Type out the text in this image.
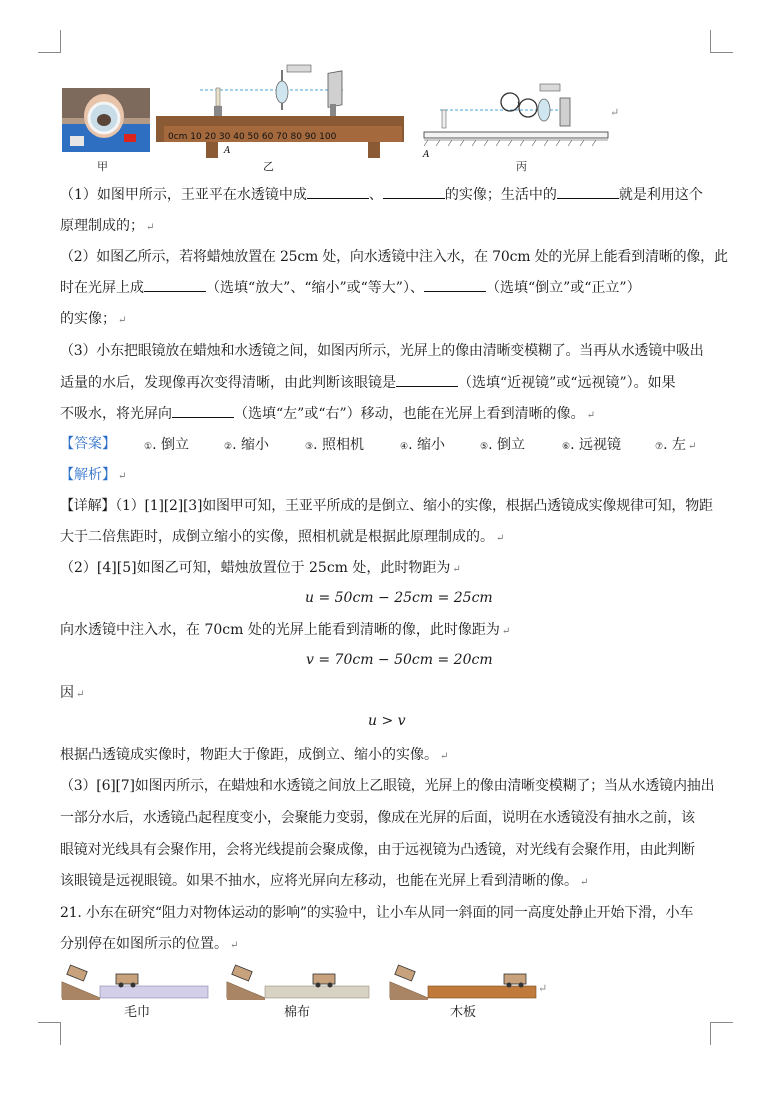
0cm 10 20 30 40 50 60 70 80 90 100
A	A
↵
甲	乙	丙
（1）如图甲所示，王亚平在水透镜中成	、	的实像；生活中的	就是利用这个
原理制成的； ↵
（2）如图乙所示，若将蜡烛放置在 25cm 处，向水透镜中注入水，在 70cm 处的光屏上能看到清晰的像，此
时在光屏上成	（选填“放大”、“缩小”或“等大”）、	（选填“倒立”或“正立”）
的实像； ↵
（3）小东把眼镜放在蜡烛和水透镜之间，如图丙所示，光屏上的像由清晰变模糊了。当再从水透镜中吸出
适量的水后，发现像再次变得清晰，由此判断该眼镜是	（选填“近视镜”或“远视镜”）。如果
不吸水，将光屏向	（选填“左”或“右”）移动，也能在光屏上看到清晰的像。 ↵
【答案】	①. 倒立	②. 缩小	③. 照相机	④. 缩小	⑤. 倒立	⑥. 远视镜	⑦. 左 ↵
【解析】 ↵
【详解】（1）[1][2][3]如图甲可知，王亚平所成的是倒立、缩小的实像，根据凸透镜成实像规律可知，物距
大于二倍焦距时，成倒立缩小的实像，照相机就是根据此原理制成的。 ↵
（2）[4][5]如图乙可知，蜡烛放置位于 25cm 处，此时物距为 ↵
u = 50cm − 25cm = 25cm
向水透镜中注入水，在 70cm 处的光屏上能看到清晰的像，此时像距为 ↵
v = 70cm − 50cm = 20cm
因 ↵
u > v
根据凸透镜成实像时，物距大于像距，成倒立、缩小的实像。 ↵
（3）[6][7]如图丙所示，在蜡烛和水透镜之间放上乙眼镜，光屏上的像由清晰变模糊了；当从水透镜内抽出
一部分水后，水透镜凸起程度变小，会聚能力变弱，像成在光屏的后面，说明在水透镜没有抽水之前，该
眼镜对光线具有会聚作用，会将光线提前会聚成像，由于远视镜为凸透镜，对光线有会聚作用，由此判断
该眼镜是远视眼镜。如果不抽水，应将光屏向左移动，也能在光屏上看到清晰的像。 ↵
21. 小东在研究“阻力对物体运动的影响”的实验中，让小车从同一斜面的同一高度处静止开始下滑，小车
分别停在如图所示的位置。 ↵
↵
毛巾	棉布	木板
